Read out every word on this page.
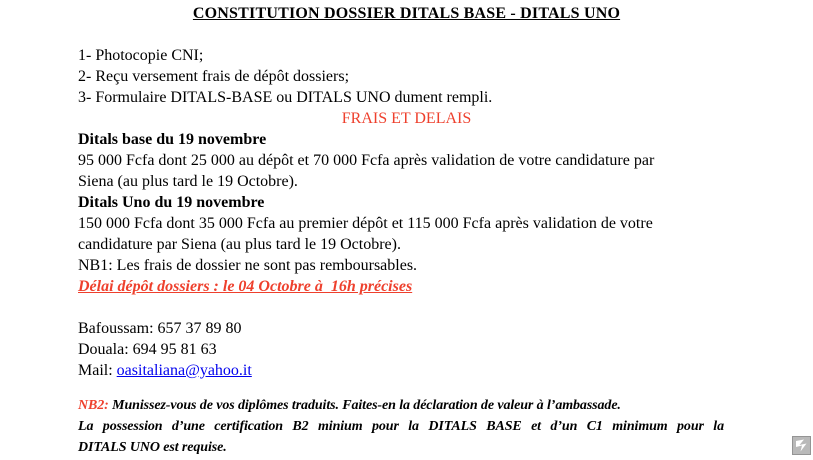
CONSTITUTION DOSSIER DITALS BASE - DITALS UNO
1- Photocopie CNI;
2- Reçu versement frais de dépôt dossiers;
3- Formulaire DITALS-BASE ou DITALS UNO dument rempli.
FRAIS ET DELAIS
Ditals base du 19 novembre
95 000 Fcfa dont 25 000 au dépôt et 70 000 Fcfa après validation de votre candidature par
Siena (au plus tard le 19 Octobre).
Ditals Uno du 19 novembre
150 000 Fcfa dont 35 000 Fcfa au premier dépôt et 115 000 Fcfa après validation de votre
candidature par Siena (au plus tard le 19 Octobre).
NB1: Les frais de dossier ne sont pas remboursables.
Délai dépôt dossiers : le 04 Octobre à  16h précises
Bafoussam: 657 37 89 80
Douala: 694 95 81 63
Mail: oasitaliana@yahoo.it
NB2: Munissez-vous de vos diplômes traduits. Faites-en la déclaration de valeur à l’ambassade.
La possession d’une certification B2 minium pour la DITALS BASE et d’un C1 minimum pour la
DITALS UNO est requise.
